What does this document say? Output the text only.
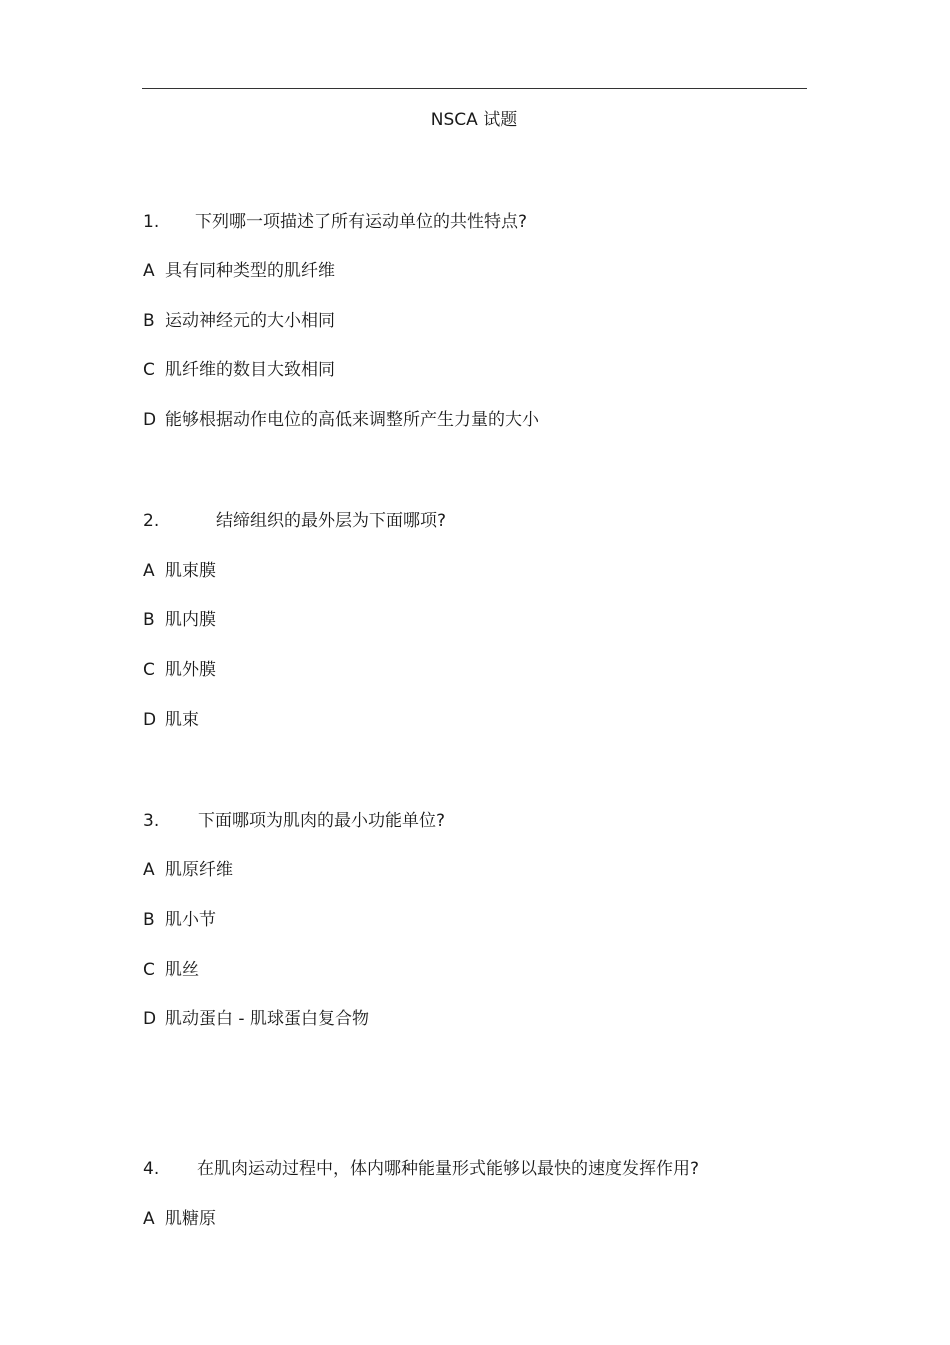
NSCA 试题
1. 下列哪一项描述了所有运动单位的共性特点?
A 具有同种类型的肌纤维
B 运动神经元的大小相同
C 肌纤维的数目大致相同
D 能够根据动作电位的高低来调整所产生力量的大小
2.	结缔组织的最外层为下面哪项?
A 肌束膜
B 肌内膜
C 肌外膜
D 肌束
3. 下面哪项为肌肉的最小功能单位?
A 肌原纤维
B 肌小节
C 肌丝
D 肌动蛋白 - 肌球蛋白复合物
4. 在肌肉运动过程中，体内哪种能量形式能够以最快的速度发挥作用?
A 肌糖原
